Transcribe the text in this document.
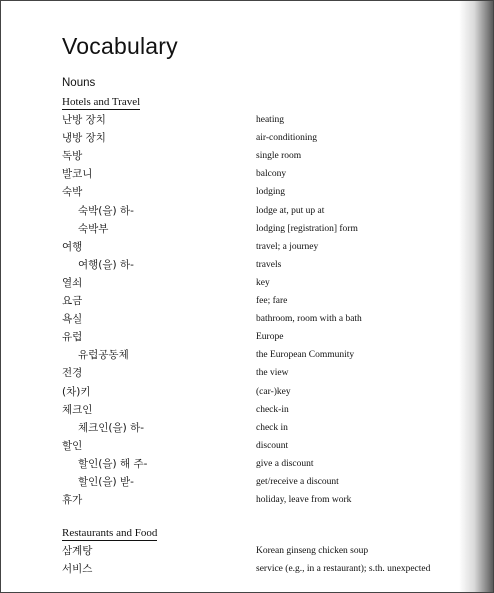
Vocabulary
Nouns
Hotels and Travel
난방 장치	heating
냉방 장치	air-conditioning
독방	single room
발코니	balcony
숙박	lodging
숙박(을) 하-	lodge at, put up at
숙박부	lodging [registration] form
여행	travel; a journey
여행(을) 하-	travels
열쇠	key
요금	fee; fare
욕실	bathroom, room with a bath
유럽	Europe
유럽공동체	the European Community
전경	the view
(차)키	(car-)key
체크인	check-in
체크인(을) 하-	check in
할인	discount
할인(을) 해 주-	give a discount
할인(을) 받-	get/receive a discount
휴가	holiday, leave from work
Restaurants and Food
삼계탕	Korean ginseng chicken soup
서비스	service (e.g., in a restaurant); s.th. unexpected
